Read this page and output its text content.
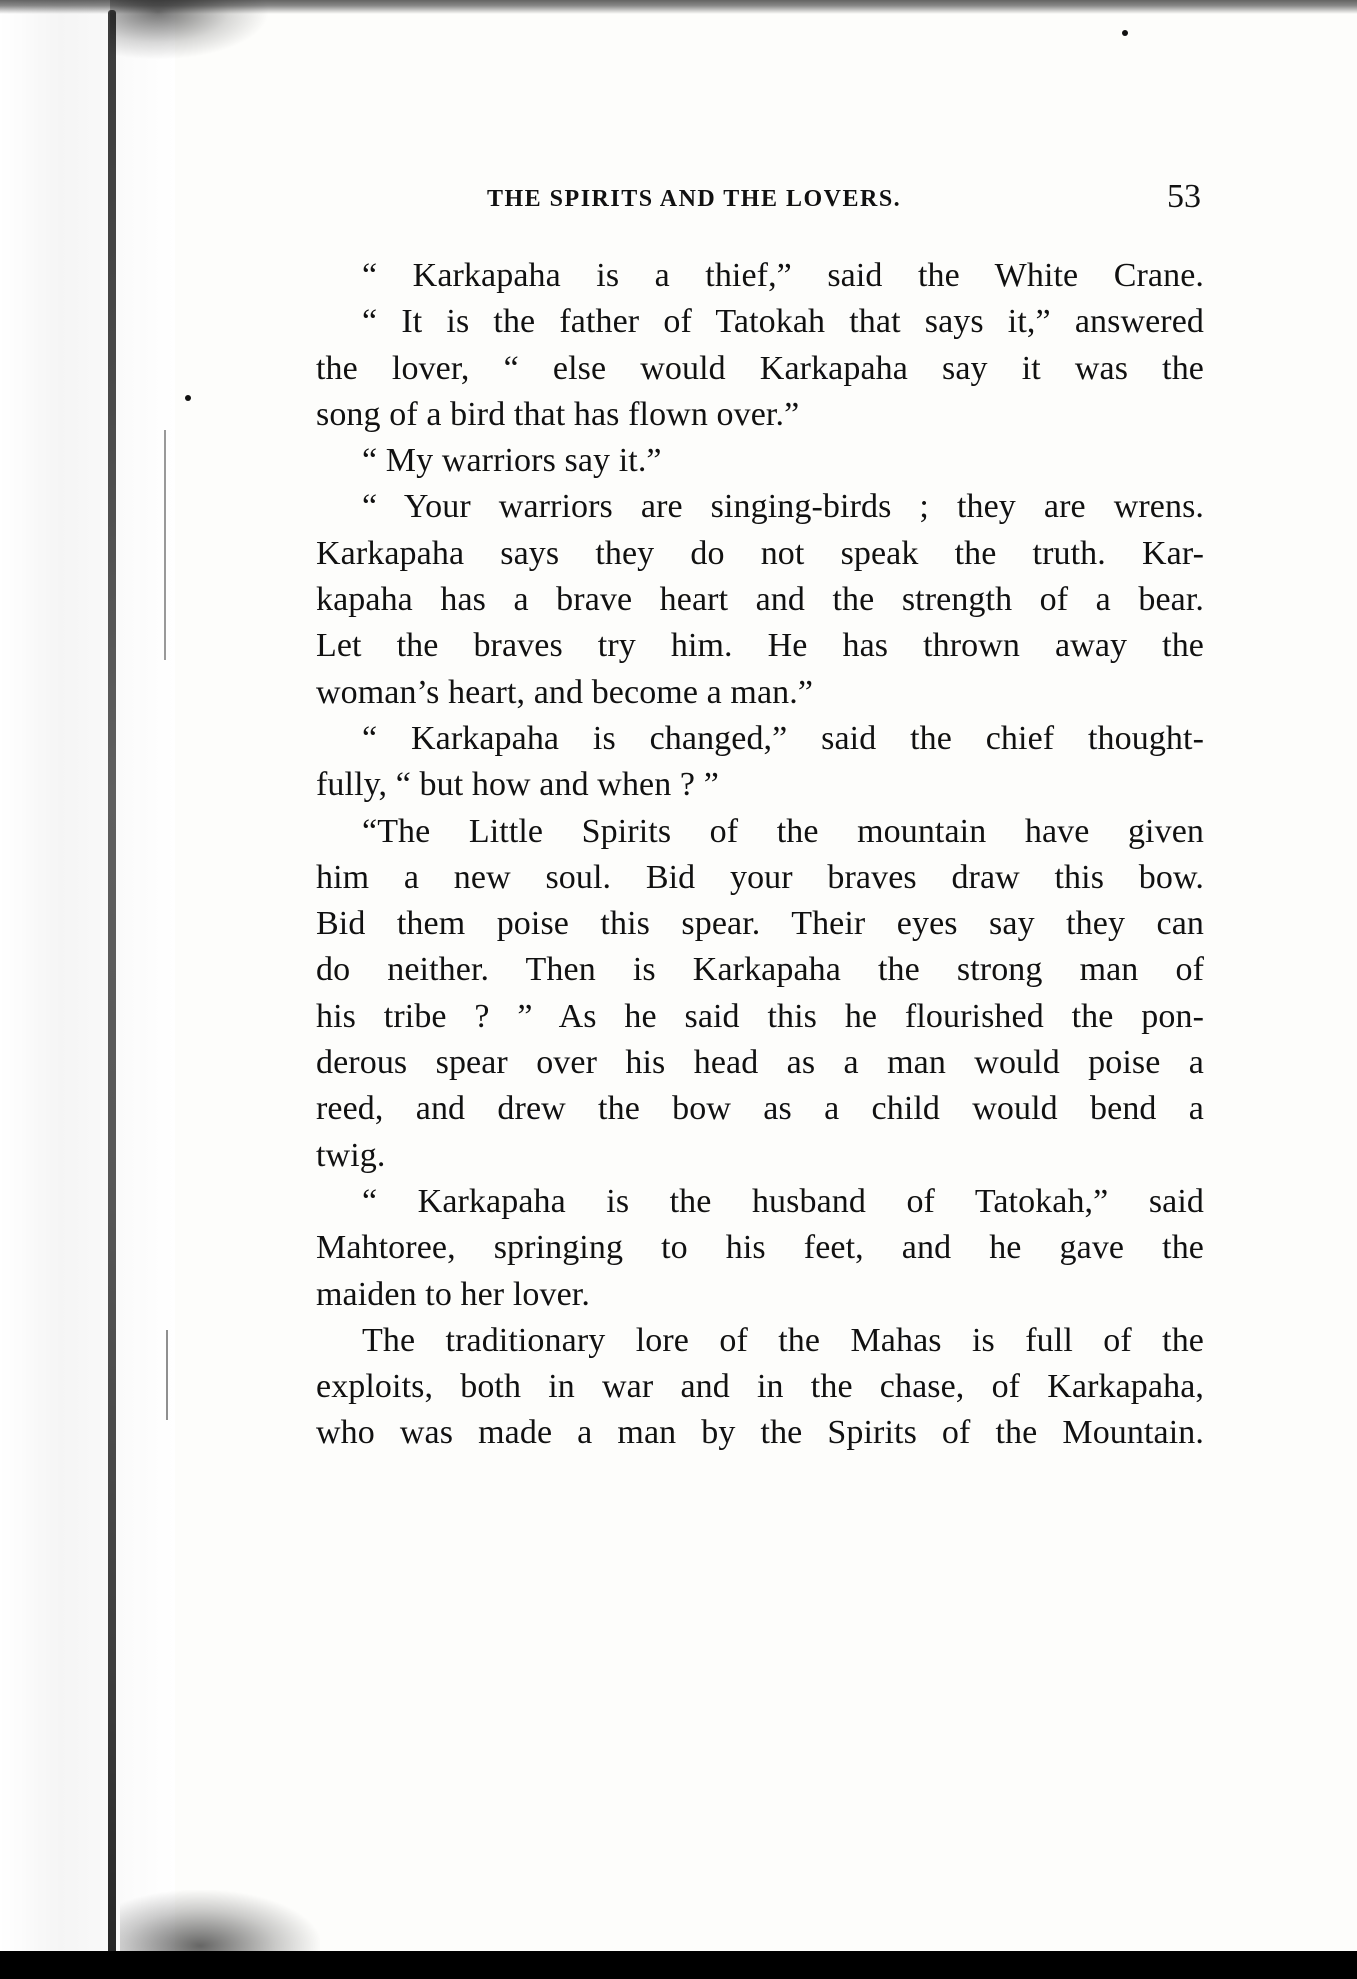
THE SPIRITS AND THE LOVERS.	53
“ Karkapaha is a thief,” said the White Crane.
“ It is the father of Tatokah that says it,” answered
the lover, “ else would Karkapaha say it was the
song of a bird that has flown over.”
“ My warriors say it.”
“ Your warriors are singing-birds ; they are wrens.
Karkapaha says they do not speak the truth. Kar-
kapaha has a brave heart and the strength of a bear.
Let the braves try him. He has thrown away the
woman’s heart, and become a man.”
“ Karkapaha is changed,” said the chief thought-
fully, “ but how and when ? ”
“The Little Spirits of the mountain have given
him a new soul. Bid your braves draw this bow.
Bid them poise this spear. Their eyes say they can
do neither. Then is Karkapaha the strong man of
his tribe ? ” As he said this he flourished the pon-
derous spear over his head as a man would poise a
reed, and drew the bow as a child would bend a
twig.
“ Karkapaha is the husband of Tatokah,” said
Mahtoree, springing to his feet, and he gave the
maiden to her lover.
The traditionary lore of the Mahas is full of the
exploits, both in war and in the chase, of Karkapaha,
who was made a man by the Spirits of the Mountain.
